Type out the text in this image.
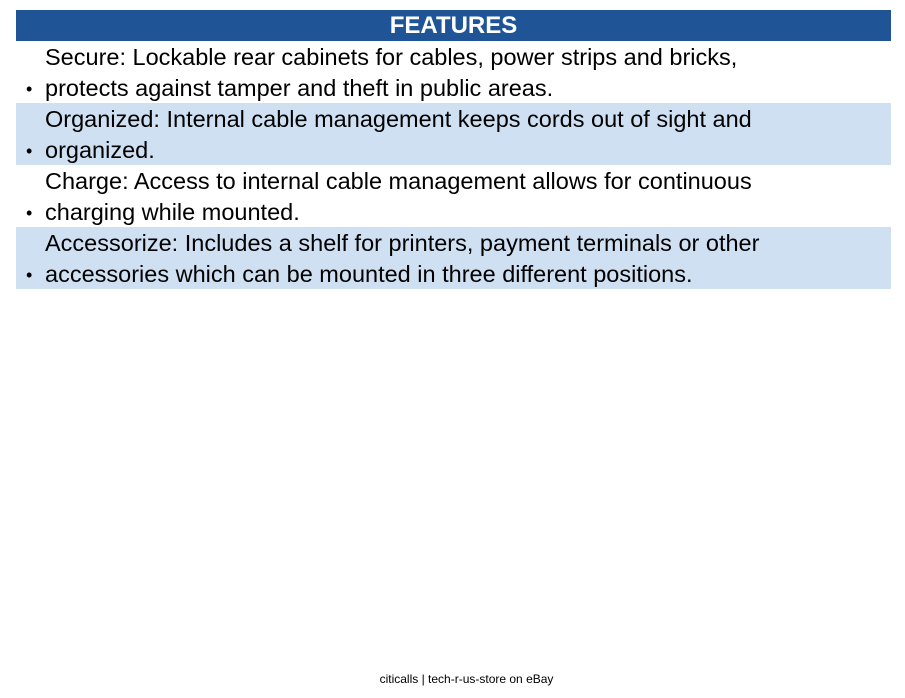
FEATURES
•
Secure: Lockable rear cabinets for cables, power strips and bricks,
protects against tamper and theft in public areas.
•
Organized: Internal cable management keeps cords out of sight and
organized.
•
Charge: Access to internal cable management allows for continuous
charging while mounted.
•
Accessorize: Includes a shelf for printers, payment terminals or other
accessories which can be mounted in three different positions.
citicalls | tech-r-us-store on eBay
